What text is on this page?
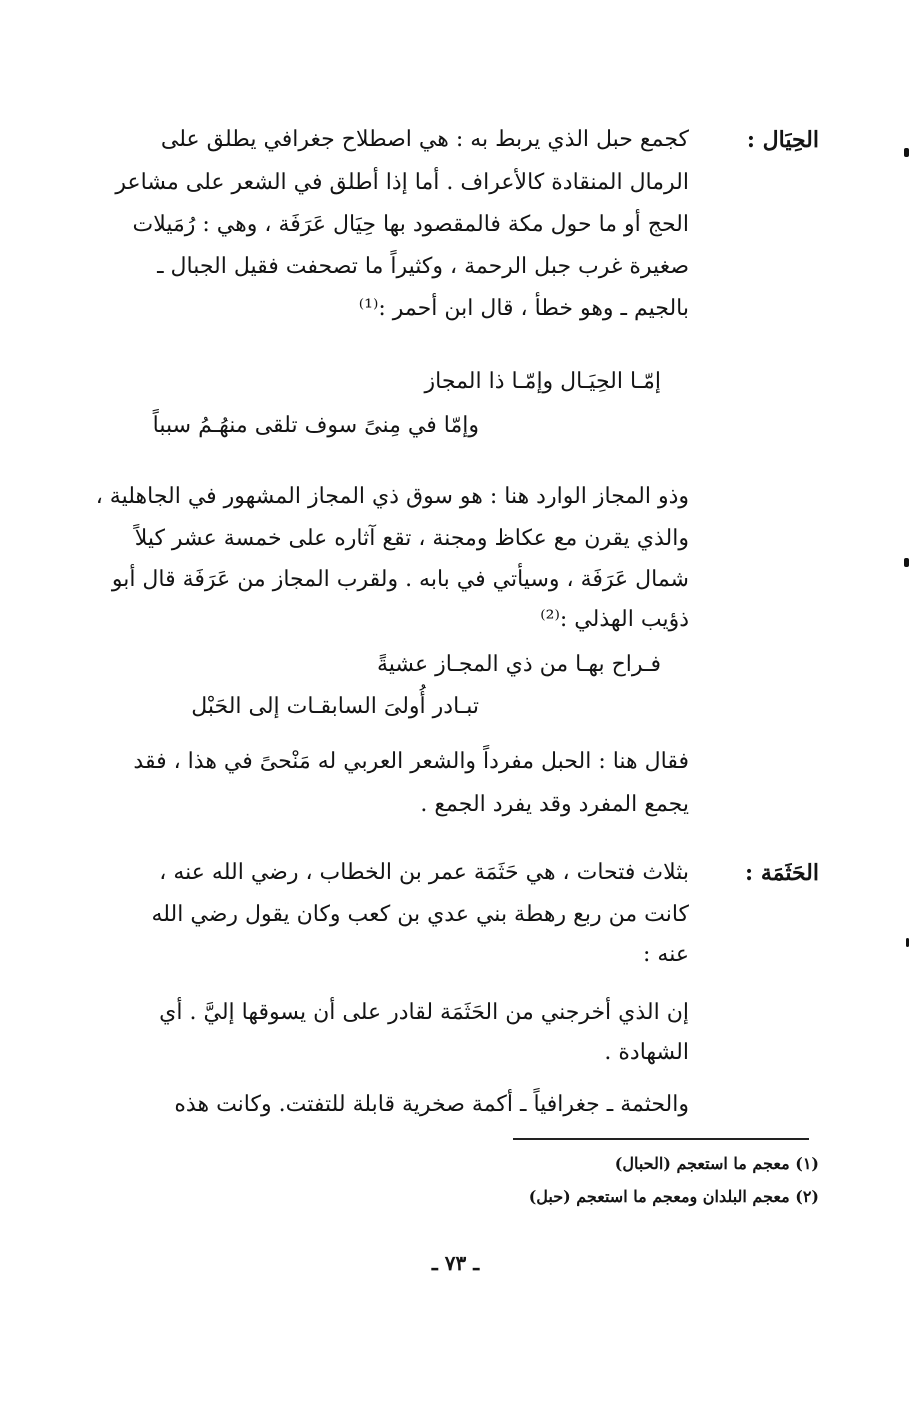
الحِيَال :
كجمع حبل الذي يربط به : هي اصطلاح جغرافي يطلق على
الرمال المنقادة كالأعراف . أما إذا أطلق في الشعر على مشاعر
الحج أو ما حول مكة فالمقصود بها حِيَال عَرَفَة ، وهي : رُمَيلات
صغيرة غرب جبل الرحمة ، وكثيراً ما تصحفت فقيل الجبال ـ
بالجيم ـ وهو خطأ ، قال ابن أحمر :⁽¹⁾
إمّـا الحِيَـال وإمّـا ذا المجاز
وإمّا في مِنىً سوف تلقى منهُـمُ سبباً
وذو المجاز الوارد هنا : هو سوق ذي المجاز المشهور في الجاهلية ،
والذي يقرن مع عكاظ ومجنة ، تقع آثاره على خمسة عشر كيلاً
شمال عَرَفَة ، وسيأتي في بابه . ولقرب المجاز من عَرَفَة قال أبو
ذؤيب الهذلي :⁽²⁾
فـراح بهـا من ذي المجـاز عشيةً
تبـادر أُولىَ السابقـات إلى الحَبْل
فقال هنا : الحبل مفرداً والشعر العربي له مَنْحىً في هذا ، فقد
يجمع المفرد وقد يفرد الجمع .
الحَثَمَة :
بثلاث فتحات ، هي حَثَمَة عمر بن الخطاب ، رضي الله عنه ،
كانت من ربع رهطة بني عدي بن كعب وكان يقول رضي الله
عنه :
إن الذي أخرجني من الحَثَمَة لقادر على أن يسوقها إليَّ . أي
الشهادة .
والحثمة ـ جغرافياً ـ أكمة صخرية قابلة للتفتت. وكانت هذه
(١) معجم ما استعجم (الحبال)
(٢) معجم البلدان ومعجم ما استعجم (حبل)
ـ ٧٣ ـ
